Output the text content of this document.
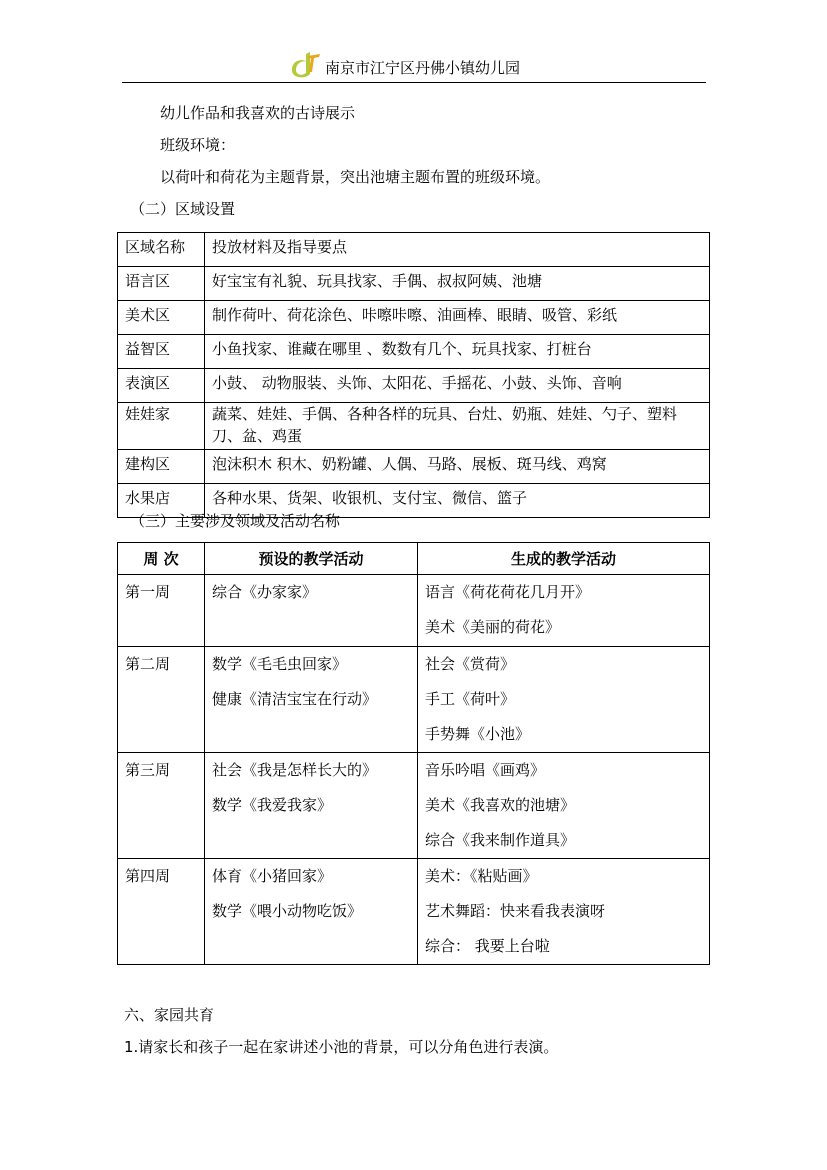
南京市江宁区丹佛小镇幼儿园
幼儿作品和我喜欢的古诗展示
班级环境：
以荷叶和荷花为主题背景，突出池塘主题布置的班级环境。
（二）区域设置
区域名称	投放材料及指导要点
语言区	好宝宝有礼貌、玩具找家、手偶、叔叔阿姨、池塘
美术区	制作荷叶、荷花涂色、咔嚓咔嚓、油画棒、眼睛、吸管、彩纸
益智区	小鱼找家、谁藏在哪里 、数数有几个、玩具找家、打桩台
表演区	小鼓、 动物服装、头饰、太阳花、手摇花、小鼓、头饰、音响
娃娃家	蔬菜、娃娃、手偶、各种各样的玩具、台灶、奶瓶、娃娃、勺子、塑料刀、盆、鸡蛋
建构区	泡沫积木 积木、奶粉罐、人偶、马路、展板、斑马线、鸡窝
水果店	各种水果、货架、收银机、支付宝、微信、篮子
（三）主要涉及领域及活动名称
周 次	预设的教学活动	生成的教学活动
第一周	综合《办家家》	语言《荷花荷花几月开》
美术《美丽的荷花》

第二周	数学《毛毛虫回家》
健康《清洁宝宝在行动》	社会《赏荷》
手工《荷叶》
手势舞《小池》

第三周	社会《我是怎样长大的》
数学《我爱我家》	音乐吟唱《画鸡》
美术《我喜欢的池塘》
综合《我来制作道具》

第四周	体育《小猪回家》
数学《喂小动物吃饭》	美术：《粘贴画》
艺术舞蹈：快来看我表演呀
综合： 我要上台啦
六、家园共育
1.请家长和孩子一起在家讲述小池的背景，可以分角色进行表演。
